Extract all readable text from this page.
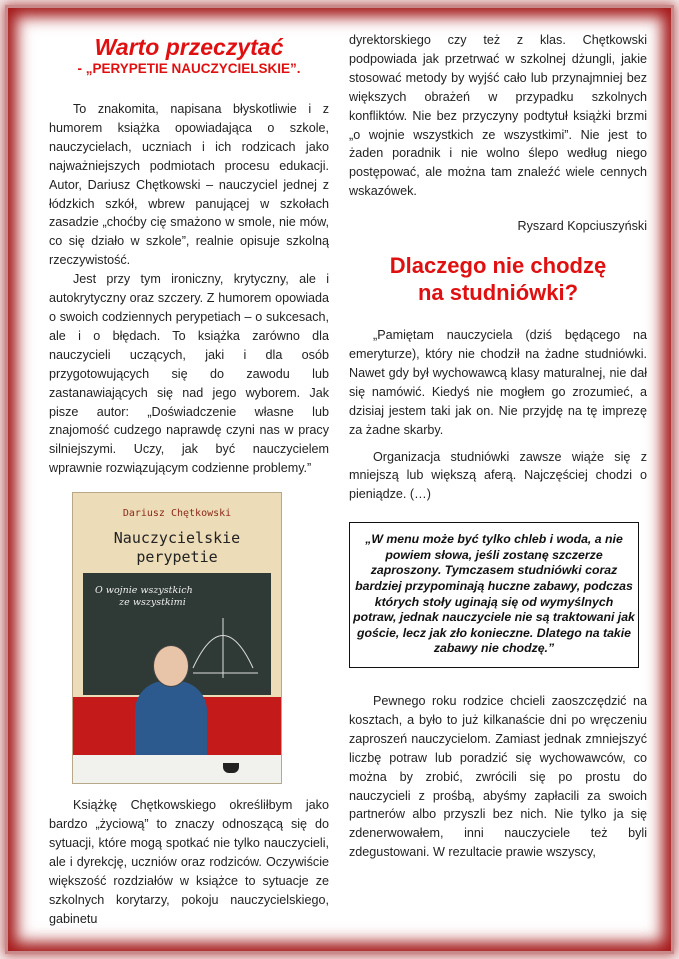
Warto przeczytać
- „PERYPETIE NAUCZYCIELSKIE”.

To znakomita, napisana błyskotliwie i z humorem książka opowiadająca o szkole, nauczycielach, uczniach i ich rodzicach jako najważniejszych podmiotach procesu edukacji. Autor, Dariusz Chętkowski – nauczyciel jednej z łódzkich szkół, wbrew panującej w szkołach zasadzie „choćby cię smażono w smole, nie mów, co się działo w szkole”, realnie opisuje szkolną rzeczywistość.

Jest przy tym ironiczny, krytyczny, ale i autokrytyczny oraz szczery. Z humorem opowiada o swoich codziennych perypetiach – o sukcesach, ale i o błędach. To książka zarówno dla nauczycieli uczących, jaki i dla osób przygotowujących się do zawodu lub zastanawiających się nad jego wyborem. Jak pisze autor: „Doświadczenie własne lub znajomość cudzego naprawdę czyni nas w pracy silniejszymi. Uczy, jak być nauczycielem wprawnie rozwiązującym codzienne problemy.”

Dariusz Chętkowski
Nauczycielskie
perypetie
O wojnie wszystkich
ze wszystkimi

Książkę Chętkowskiego określiłbym jako bardzo „życiową” to znaczy odnoszącą się do sytuacji, które mogą spotkać nie tylko nauczycieli, ale i dyrekcję, uczniów oraz rodziców. Oczywiście większość rozdziałów w książce to sytuacje ze szkolnych korytarzy, pokoju nauczycielskiego, gabinetu

dyrektorskiego czy też z klas. Chętkowski podpowiada jak przetrwać w szkolnej dżungli, jakie stosować metody by wyjść cało lub przynajmniej bez większych obrażeń w przypadku szkolnych konfliktów. Nie bez przyczyny podtytuł książki brzmi „o wojnie wszystkich ze wszystkimi”. Nie jest to żaden poradnik i nie wolno ślepo według niego postępować, ale można tam znaleźć wiele cennych wskazówek.

Ryszard Kopciuszyński
Dlaczego nie chodzę
na studniówki?

„Pamiętam nauczyciela (dziś będącego na emeryturze), który nie chodził na żadne studniówki. Nawet gdy był wychowawcą klasy maturalnej, nie dał się namówić. Kiedyś nie mogłem go zrozumieć, a dzisiaj jestem taki jak on. Nie przyjdę na tę imprezę za żadne skarby.

Organizacja studniówki zawsze wiąże się z mniejszą lub większą aferą. Najczęściej chodzi o pieniądze. (…)

„W menu może być tylko chleb i woda, a nie powiem słowa, jeśli zostanę szczerze zaproszony. Tymczasem studniówki coraz bardziej przypominają huczne zabawy, podczas których stoły uginają się od wymyślnych potraw, jednak nauczyciele nie są traktowani jak goście, lecz jak zło konieczne. Dlatego na takie zabawy nie chodzę.”

Pewnego roku rodzice chcieli zaoszczędzić na kosztach, a było to już kilkanaście dni po wręczeniu zaproszeń nauczycielom. Zamiast jednak zmniejszyć liczbę potraw lub poradzić się wychowawców, co można by zrobić, zwrócili się po prostu do nauczycieli z prośbą, abyśmy zapłacili za swoich partnerów albo przyszli bez nich. Nie tylko ja się zdenerwowałem, inni nauczyciele też byli zdegustowani. W rezultacie prawie wszyscy,
